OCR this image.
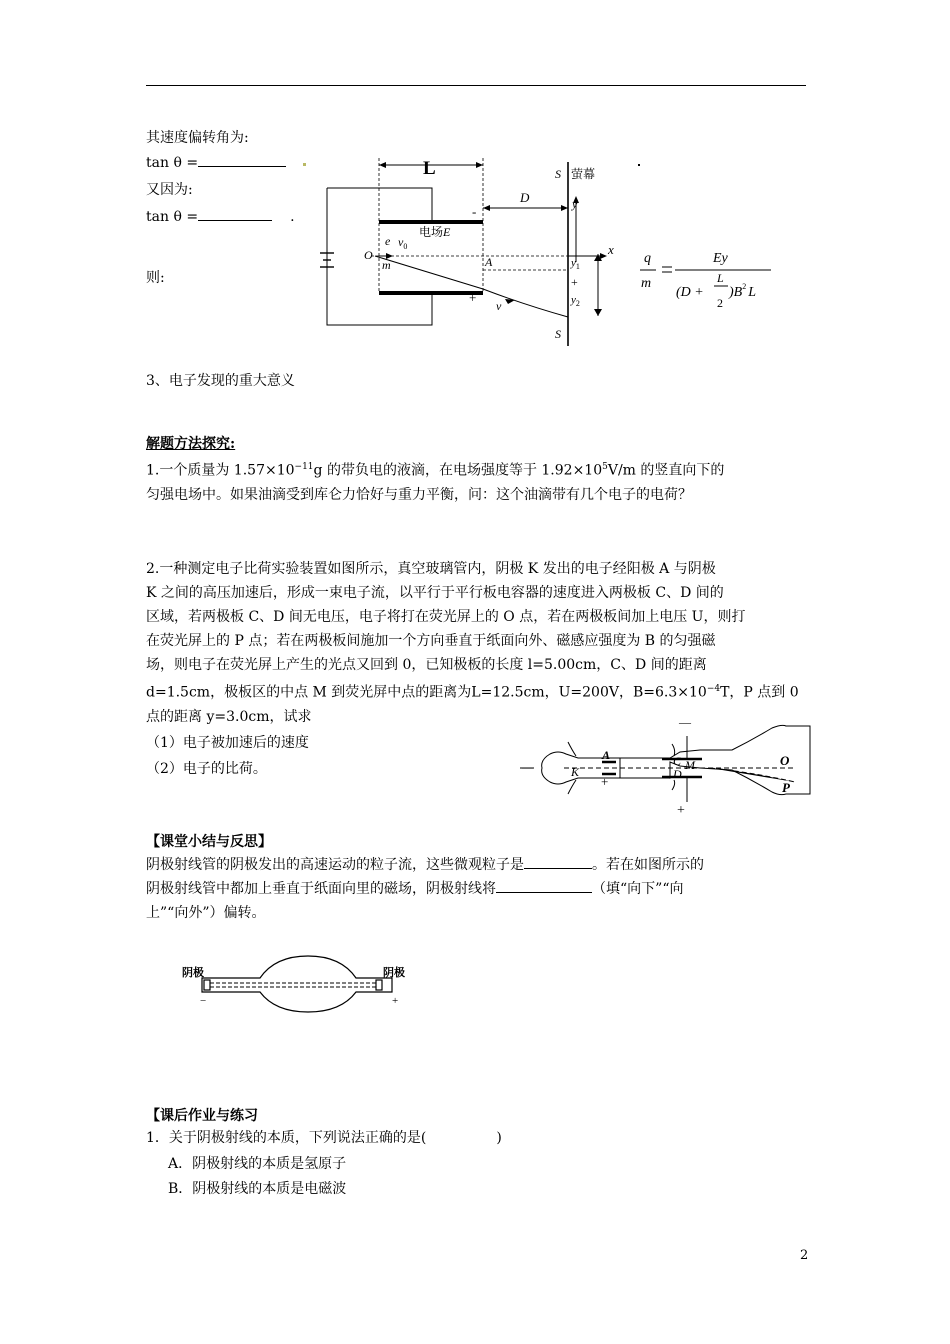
其速度偏转角为:
tan θ =
又因为:
tan θ =	.
则:
L	S 萤幕
D
-	y
x
电场E
e $v_0$
O
m	A	$y_1$
+
$y_2$
+
v
S
q
m
Ey
(D +
L
2
)$B^2$ L
3、电子发现的重大意义
解题方法探究:
1.一个质量为 $1.57\times 10^{-11}g$ 的带负电的液滴，在电场强度等于 $1.92\times 10^5V/m$ 的竖直向下的
匀强电场中。如果油滴受到库仑力恰好与重力平衡，问：这个油滴带有几个电子的电荷？
2.一种测定电子比荷实验装置如图所示，真空玻璃管内，阴极 K 发出的电子经阳极 A 与阴极
K 之间的高压加速后，形成一束电子流，以平行于平行板电容器的速度进入两极板 C、D 间的
区域，若两极板 C、D 间无电压，电子将打在荧光屏上的 O 点，若在两极板间加上电压 U，则打
在荧光屏上的 P 点；若在两极板间施加一个方向垂直于纸面向外、磁感应强度为 B 的匀强磁
场，则电子在荧光屏上产生的光点又回到 0，已知极板的长度 l=5.00cm，C、D 间的距离
d=1.5cm，极板区的中点 M 到荧光屏中点的距离为L=12.5cm，U=200V，$B=6.3\times 10^{-4}T$，P 点到 0
点的距离 y=3.0cm，试求
（1）电子被加速后的速度
（2）电子的比荷。	—
—
A	C M
K	D
+
O
P
+
【课堂小结与反思】
阴极射线管的阴极发出的高速运动的粒子流，这些微观粒子是	。若在如图所示的
阴极射线管中都加上垂直于纸面向里的磁场，阴极射线将	（填“向下”“向
上”“向外”）偏转。
阴极	阴极
−	+
【课后作业与练习
1．关于阴极射线的本质，下列说法正确的是(　　　　　)
A．阴极射线的本质是氢原子
B．阴极射线的本质是电磁波
2
